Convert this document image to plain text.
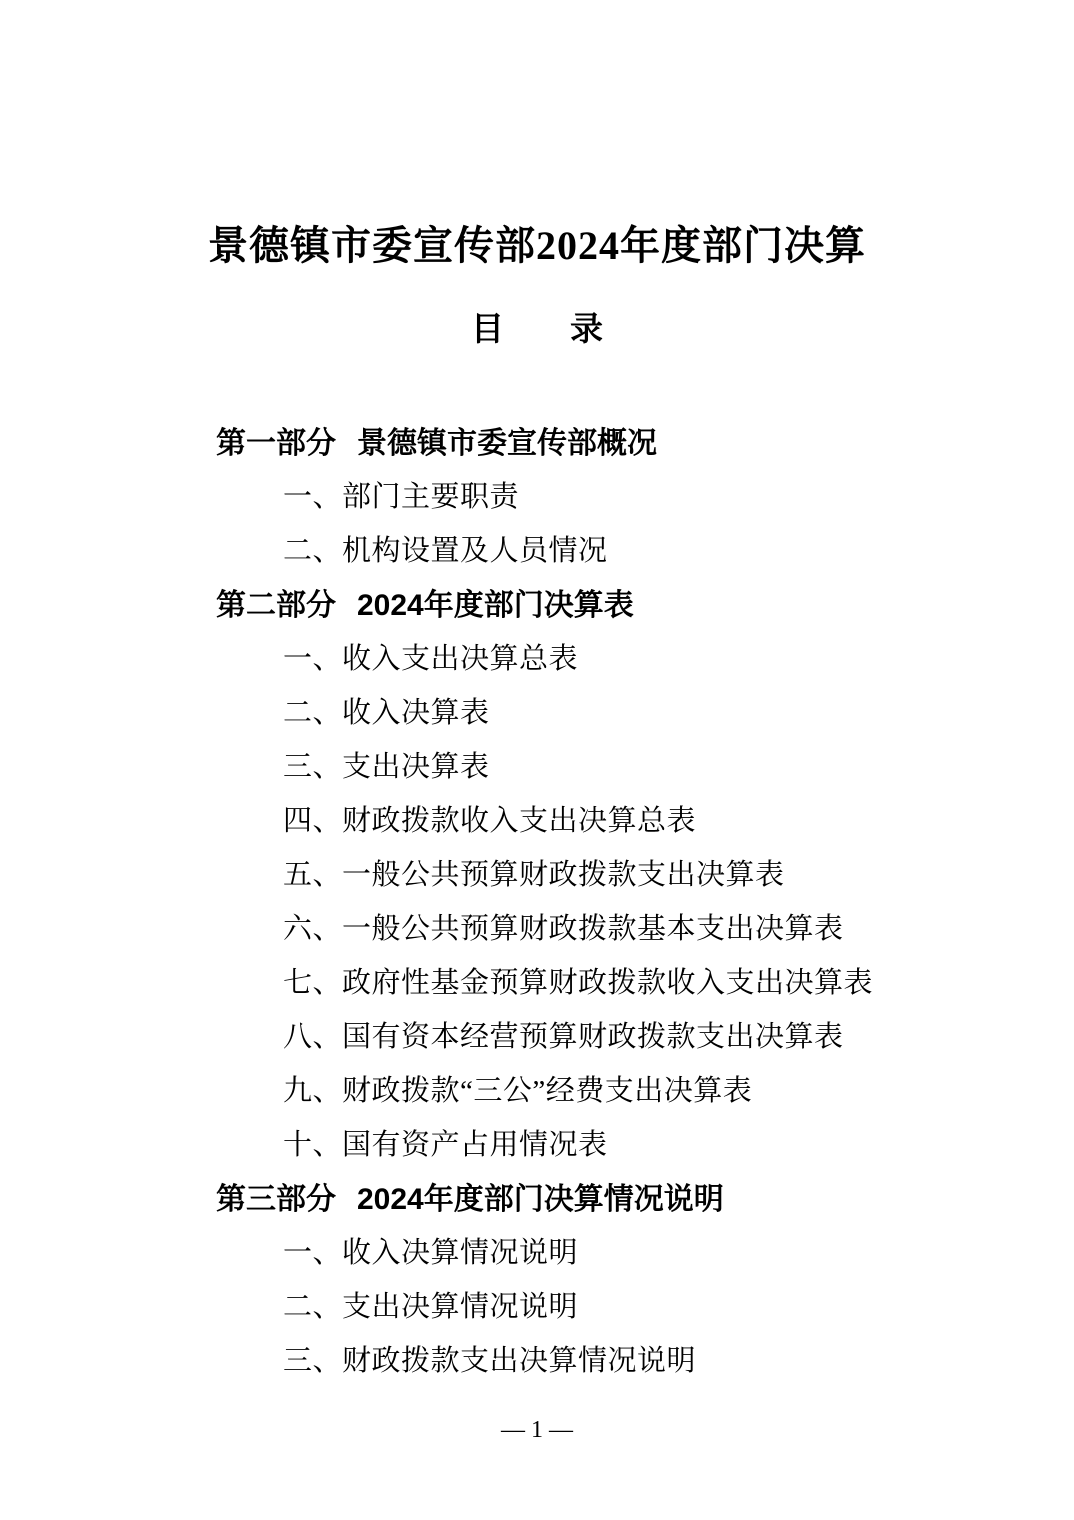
景德镇市委宣传部2024年度部门决算
目　　录
第一部分 景德镇市委宣传部概况
一、部门主要职责
二、机构设置及人员情况
第二部分 2024年度部门决算表
一、收入支出决算总表
二、收入决算表
三、支出决算表
四、财政拨款收入支出决算总表
五、一般公共预算财政拨款支出决算表
六、一般公共预算财政拨款基本支出决算表
七、政府性基金预算财政拨款收入支出决算表
八、国有资本经营预算财政拨款支出决算表
九、财政拨款“三公”经费支出决算表
十、国有资产占用情况表
第三部分 2024年度部门决算情况说明
一、收入决算情况说明
二、支出决算情况说明
三、财政拨款支出决算情况说明
— 1 —
